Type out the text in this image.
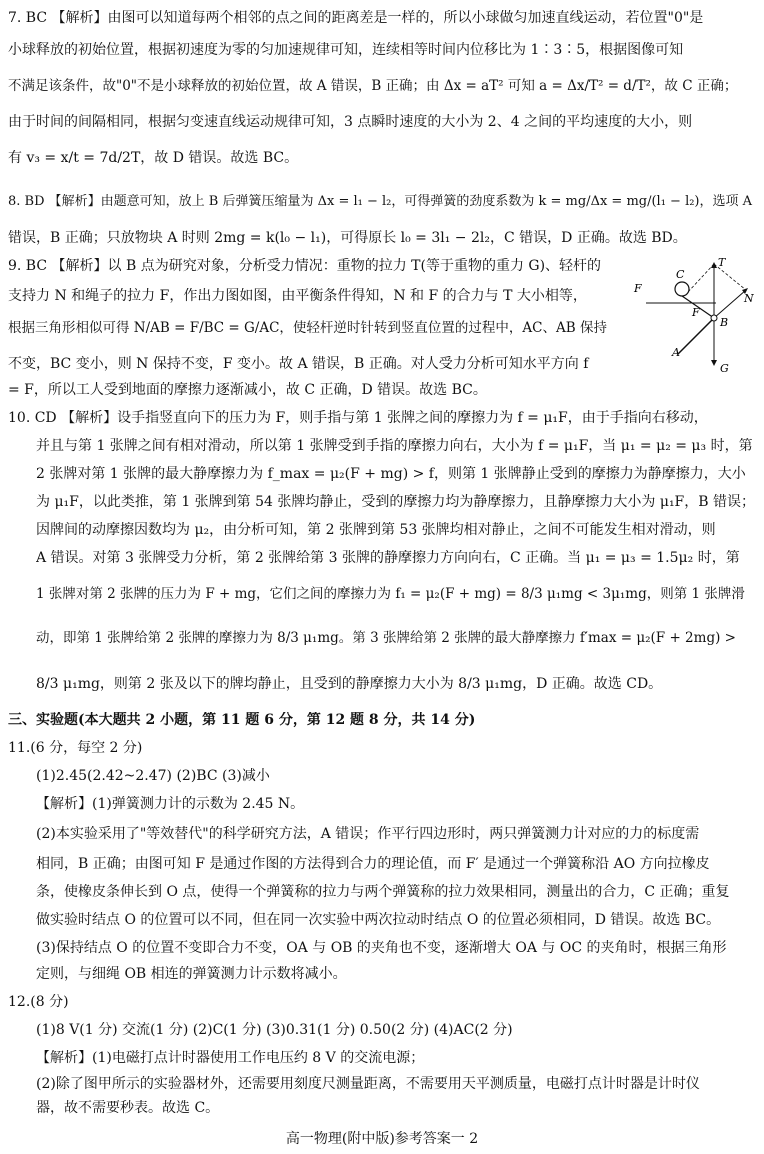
7. BC 【解析】由图可以知道每两个相邻的点之间的距离差是一样的，所以小球做匀加速直线运动，若位置"0"是
小球释放的初始位置，根据初速度为零的匀加速规律可知，连续相等时间内位移比为 1∶3∶5，根据图像可知
不满足该条件，故"0"不是小球释放的初始位置，故 A 错误，B 正确；由 Δx = aT² 可知 a = Δx/T² = d/T²，故 C 正确；
由于时间的间隔相同，根据匀变速直线运动规律可知，3 点瞬时速度的大小为 2、4 之间的平均速度的大小，则
有 v₃ = x/t = 7d/2T，故 D 错误。故选 BC。
8. BD 【解析】由题意可知，放上 B 后弹簧压缩量为 Δx = l₁ − l₂，可得弹簧的劲度系数为 k = mg/Δx = mg/(l₁ − l₂)，选项 A
错误，B 正确；只放物块 A 时则 2mg = k(l₀ − l₁)，可得原长 l₀ = 3l₁ − 2l₂，C 错误，D 正确。故选 BD。
9. BC 【解析】以 B 点为研究对象，分析受力情况：重物的拉力 T(等于重物的重力 G)、轻杆的
支持力 N 和绳子的拉力 F，作出力图如图，由平衡条件得知，N 和 F 的合力与 T 大小相等，
根据三角形相似可得 N/AB = F/BC = G/AC，使轻杆逆时针转到竖直位置的过程中，AC、AB 保持
不变，BC 变小，则 N 保持不变，F 变小。故 A 错误，B 正确。对人受力分析可知水平方向 f
= F，所以工人受到地面的摩擦力逐渐减小，故 C 正确，D 错误。故选 BC。
F
C
T
N
F
B
A
G
10. CD 【解析】设手指竖直向下的压力为 F，则手指与第 1 张牌之间的摩擦力为 f = μ₁F，由于手指向右移动，
并且与第 1 张牌之间有相对滑动，所以第 1 张牌受到手指的摩擦力向右，大小为 f = μ₁F，当 μ₁ = μ₂ = μ₃ 时，第
2 张牌对第 1 张牌的最大静摩擦力为 f_max = μ₂(F + mg) > f，则第 1 张牌静止受到的摩擦力为静摩擦力，大小
为 μ₁F，以此类推，第 1 张牌到第 54 张牌均静止，受到的摩擦力均为静摩擦力，且静摩擦力大小为 μ₁F，B 错误；
因牌间的动摩擦因数均为 μ₂，由分析可知，第 2 张牌到第 53 张牌均相对静止，之间不可能发生相对滑动，则
A 错误。对第 3 张牌受力分析，第 2 张牌给第 3 张牌的静摩擦力方向向右，C 正确。当 μ₁ = μ₃ = 1.5μ₂ 时，第
1 张牌对第 2 张牌的压力为 F + mg，它们之间的摩擦力为 f₁ = μ₂(F + mg) = 8/3 μ₁mg < 3μ₁mg，则第 1 张牌滑
动，即第 1 张牌给第 2 张牌的摩擦力为 8/3 μ₁mg。第 3 张牌给第 2 张牌的最大静摩擦力 f′max = μ₂(F + 2mg) >
8/3 μ₁mg，则第 2 张及以下的牌均静止，且受到的静摩擦力大小为 8/3 μ₁mg，D 正确。故选 CD。
三、实验题(本大题共 2 小题，第 11 题 6 分，第 12 题 8 分，共 14 分)
11.(6 分，每空 2 分)
(1)2.45(2.42~2.47) (2)BC (3)减小
【解析】(1)弹簧测力计的示数为 2.45 N。
(2)本实验采用了"等效替代"的科学研究方法，A 错误；作平行四边形时，两只弹簧测力计对应的力的标度需
相同，B 正确；由图可知 F 是通过作图的方法得到合力的理论值，而 F′ 是通过一个弹簧称沿 AO 方向拉橡皮
条，使橡皮条伸长到 O 点，使得一个弹簧称的拉力与两个弹簧称的拉力效果相同，测量出的合力，C 正确；重复
做实验时结点 O 的位置可以不同，但在同一次实验中两次拉动时结点 O 的位置必须相同，D 错误。故选 BC。
(3)保持结点 O 的位置不变即合力不变，OA 与 OB 的夹角也不变，逐渐增大 OA 与 OC 的夹角时，根据三角形
定则，与细绳 OB 相连的弹簧测力计示数将减小。
12.(8 分)
(1)8 V(1 分) 交流(1 分) (2)C(1 分) (3)0.31(1 分) 0.50(2 分) (4)AC(2 分)
【解析】(1)电磁打点计时器使用工作电压约 8 V 的交流电源；
(2)除了图甲所示的实验器材外，还需要用刻度尺测量距离，不需要用天平测质量，电磁打点计时器是计时仪
器，故不需要秒表。故选 C。
高一物理(附中版)参考答案一 2
